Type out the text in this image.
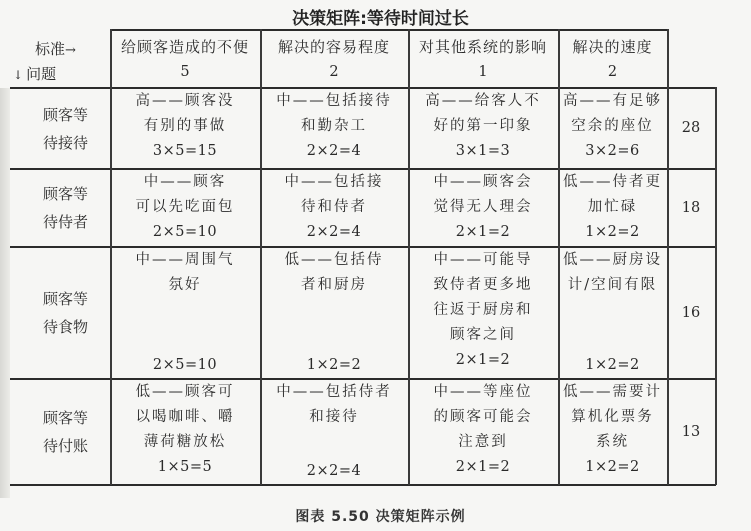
决策矩阵:等待时间过长
标准→
↓ 问题
给顾客造成的不便
5
解决的容易程度
2
对其他系统的影响
1
解决的速度
2
顾客等
待接待
高——顾客没
有别的事做
3×5=15
中——包括接待
和勤杂工
2×2=4
高——给客人不
好的第一印象
3×1=3
高——有足够
空余的座位
3×2=6
28
顾客等
待侍者
中——顾客
可以先吃面包
2×5=10
中——包括接
待和侍者
2×2=4
中——顾客会
觉得无人理会
2×1=2
低——侍者更
加忙碌
1×2=2
18
顾客等
待食物
中——周围气
氛好
2×5=10
低——包括侍
者和厨房
1×2=2
中——可能导
致侍者更多地
往返于厨房和
顾客之间
2×1=2
低——厨房设
计/空间有限
1×2=2
16
顾客等
待付账
低——顾客可
以喝咖啡、嚼
薄荷糖放松
1×5=5
中——包括侍者
和接待
2×2=4
中——等座位
的顾客可能会
注意到
2×1=2
低——需要计
算机化票务
系统
1×2=2
13
图表 5.50 决策矩阵示例
